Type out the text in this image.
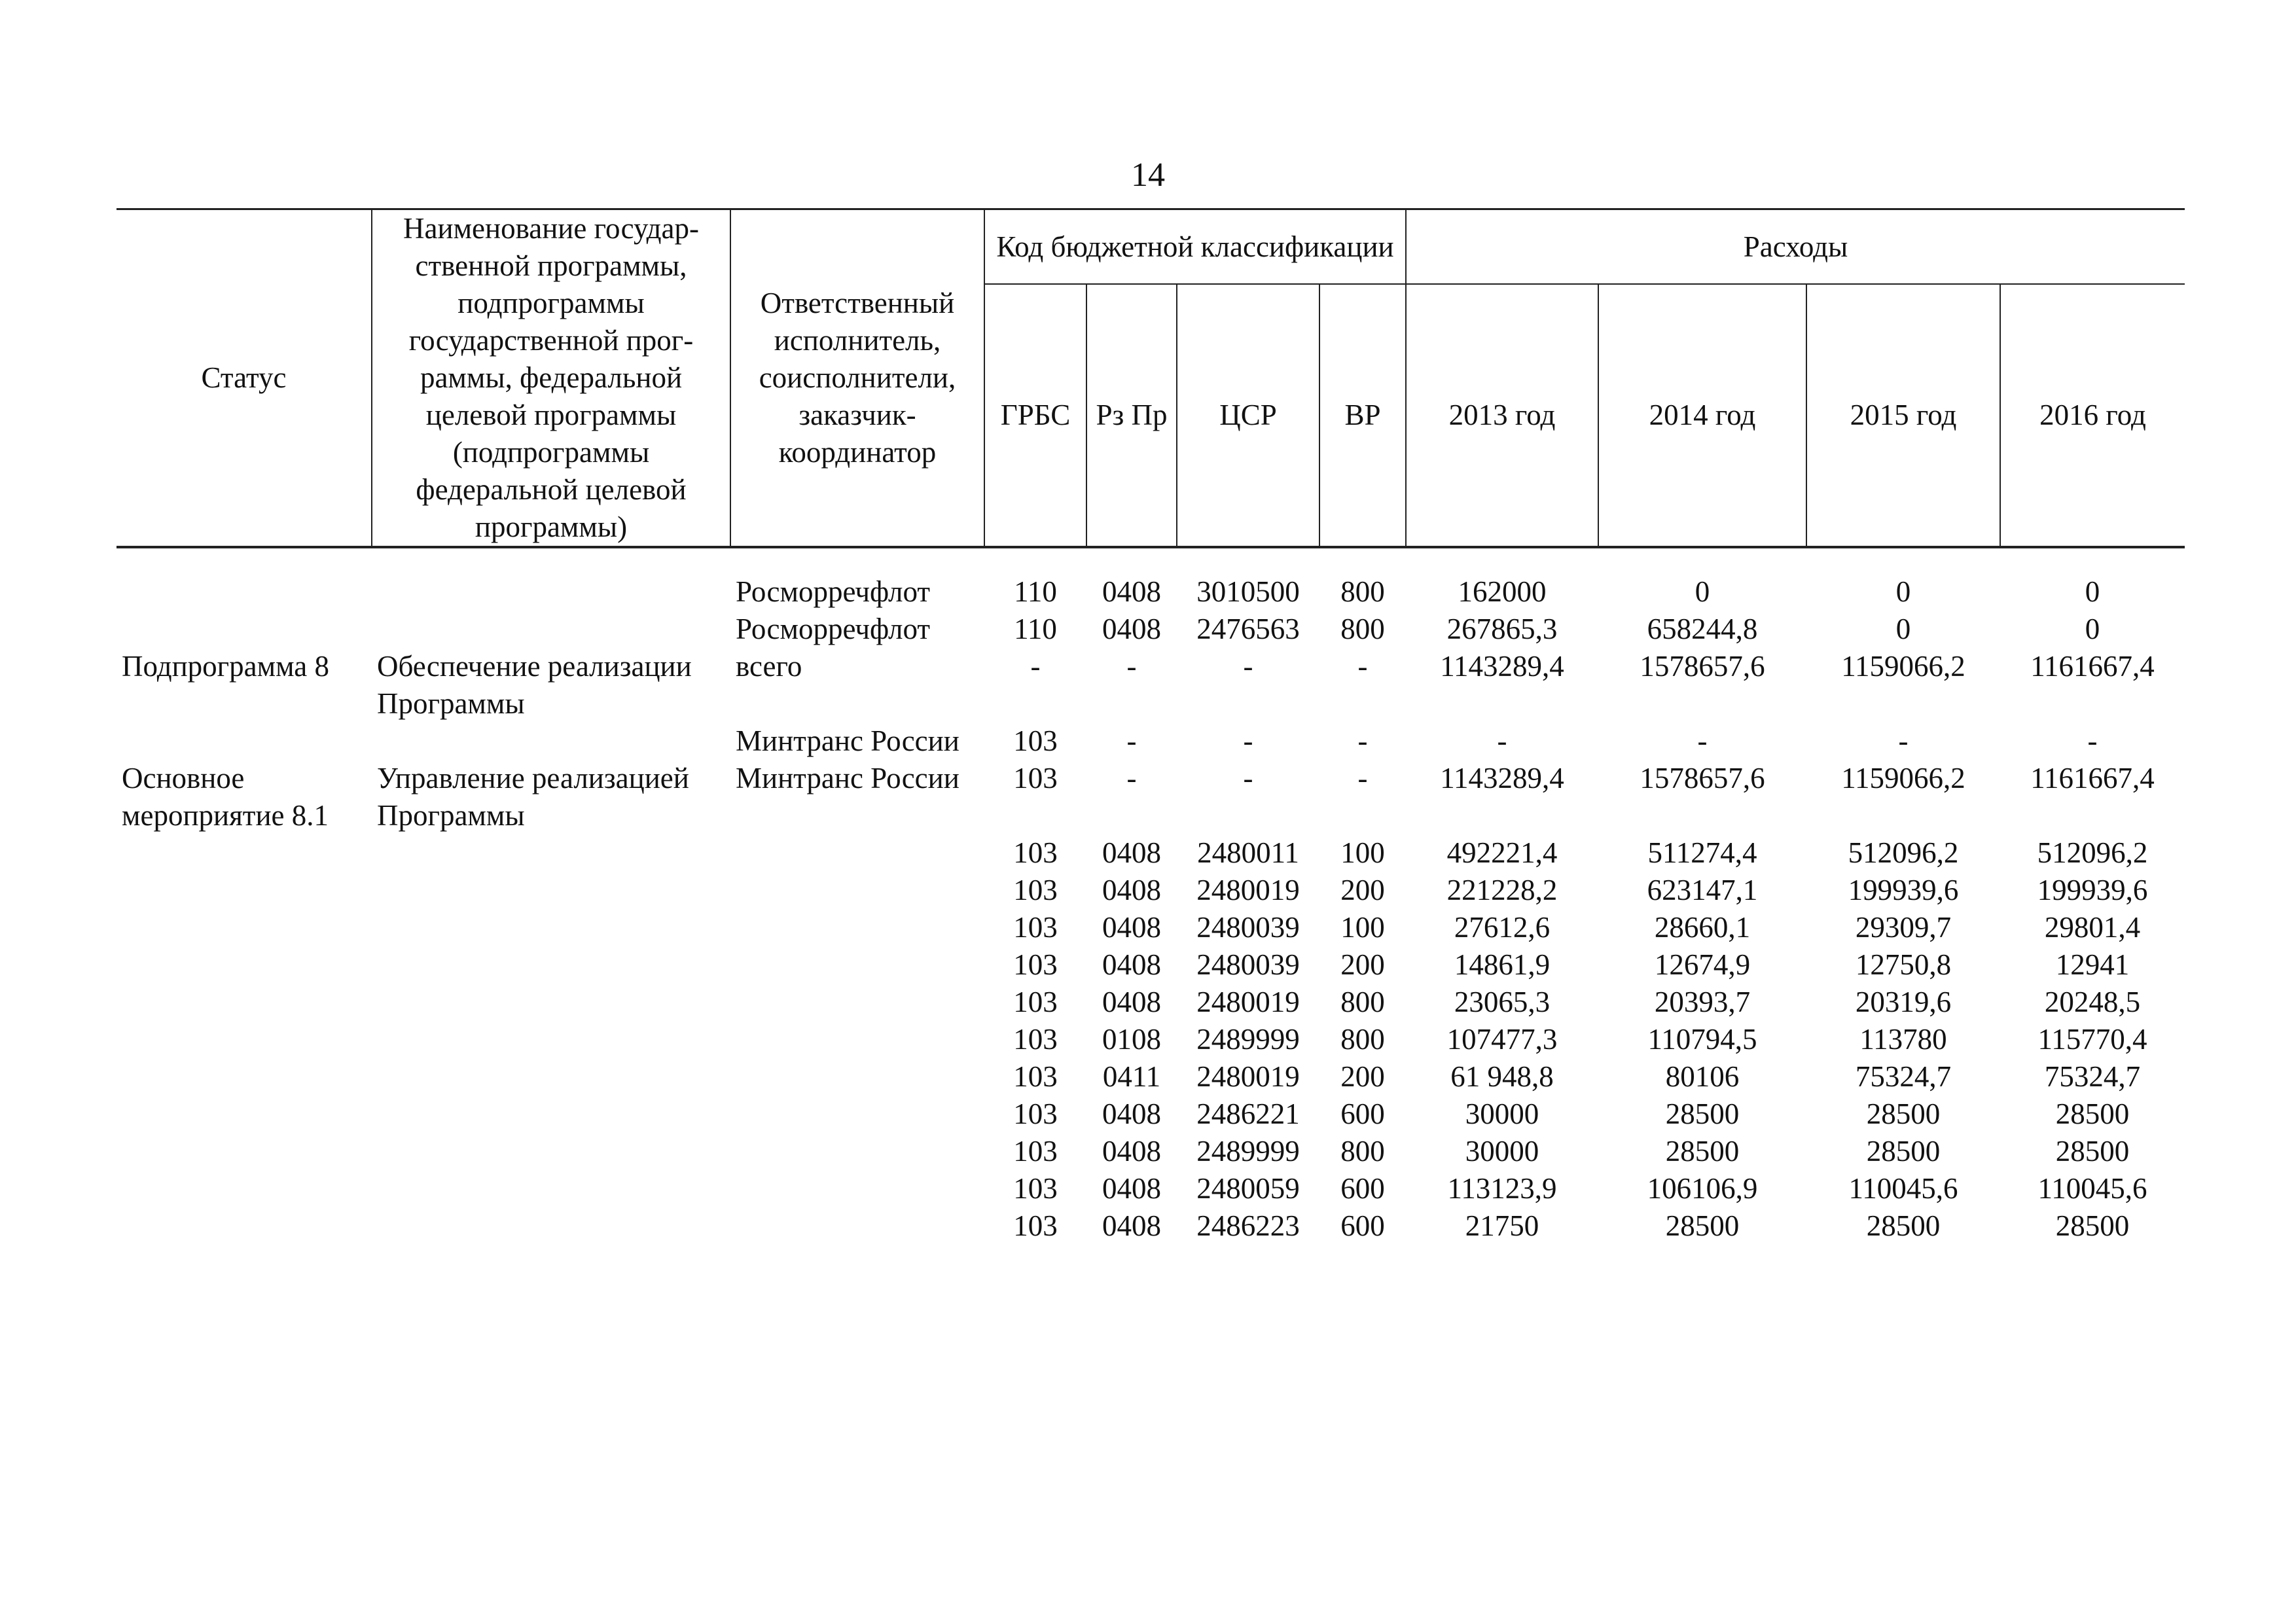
14
Статус	Наименование государ-ственной программы, подпрограммы государственной прог-раммы, федеральной целевой программы (подпрограммы федеральной целевой программы)	Ответственный исполнитель, соисполнители, заказчик-координатор	Код бюджетной классификации				Расходы			
			ГРБС	Рз Пр	ЦСР	ВР	2013 год	2014 год	2015 год	2016 год

		Росморречфлот	110	0408	3010500	800	162000	0	0	0
		Росморречфлот	110	0408	2476563	800	267865,3	658244,8	0	0
Подпрограмма 8	Обеспечение реализации Программы	всего	-	-	-	-	1143289,4	1578657,6	1159066,2	1161667,4
		Минтранс России	103	-	-	-	-	-	-	-
Основное мероприятие 8.1	Управление реализацией Программы	Минтранс России	103	-	-	-	1143289,4	1578657,6	1159066,2	1161667,4
			103	0408	2480011	100	492221,4	511274,4	512096,2	512096,2
			103	0408	2480019	200	221228,2	623147,1	199939,6	199939,6
			103	0408	2480039	100	27612,6	28660,1	29309,7	29801,4
			103	0408	2480039	200	14861,9	12674,9	12750,8	12941
			103	0408	2480019	800	23065,3	20393,7	20319,6	20248,5
			103	0108	2489999	800	107477,3	110794,5	113780	115770,4
			103	0411	2480019	200	61 948,8	80106	75324,7	75324,7
			103	0408	2486221	600	30000	28500	28500	28500
			103	0408	2489999	800	30000	28500	28500	28500
			103	0408	2480059	600	113123,9	106106,9	110045,6	110045,6
			103	0408	2486223	600	21750	28500	28500	28500
